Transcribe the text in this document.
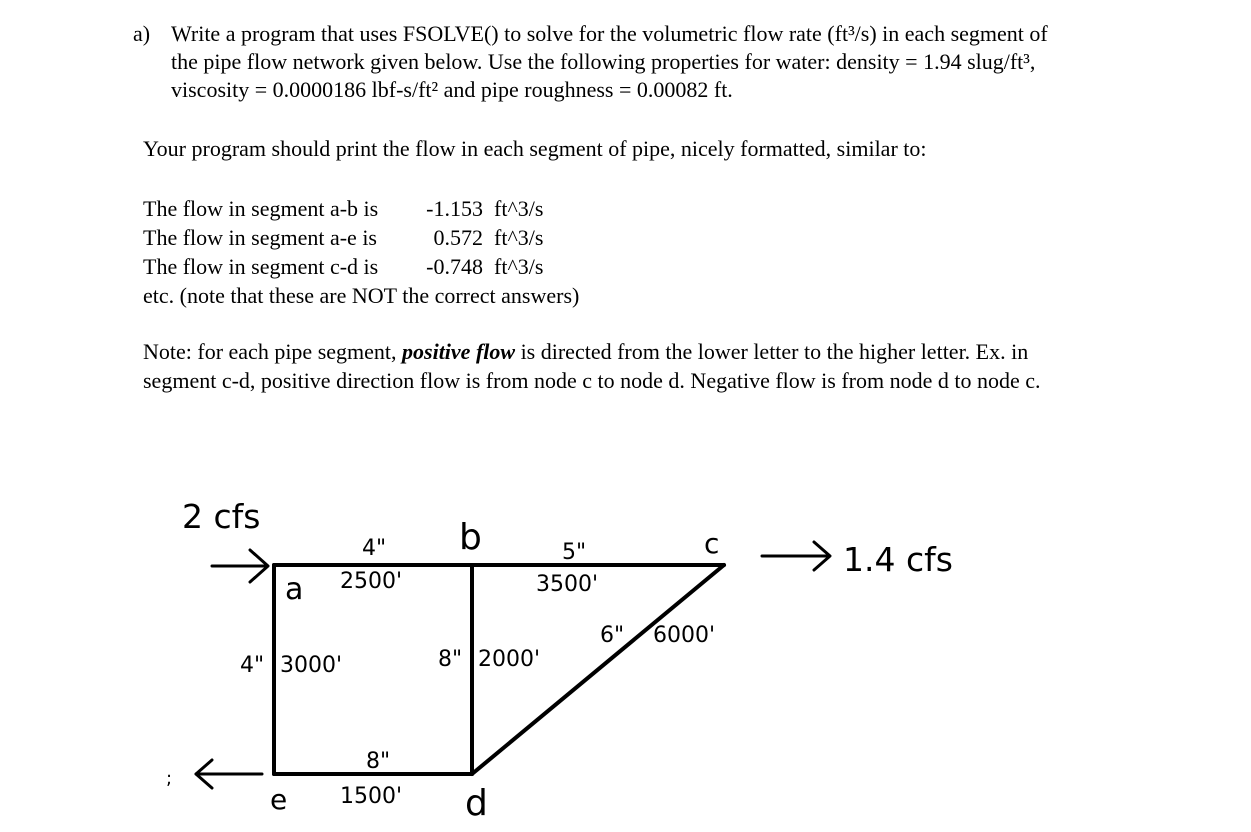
a) Write a program that uses FSOLVE() to solve for the volumetric flow rate (ft³/s) in each segment of
the pipe flow network given below. Use the following properties for water: density = 1.94 slug/ft³,
viscosity = 0.0000186 lbf-s/ft² and pipe roughness = 0.00082 ft.
Your program should print the flow in each segment of pipe, nicely formatted, similar to:
The flow in segment a-b is	-1.153 ft^3/s
The flow in segment a-e is	0.572 ft^3/s
The flow in segment c-d is	-0.748 ft^3/s
etc. (note that these are NOT the correct answers)
Note: for each pipe segment, positive flow is directed from the lower letter to the higher letter. Ex. in
segment c-d, positive direction flow is from node c to node d. Negative flow is from node d to node c.
;
2 cfs
1.4 cfs
a
b	c
d
e
4"
2500'
5"
3500'
4" 3000'	8" 2000'
6" 6000'
8"
1500'
